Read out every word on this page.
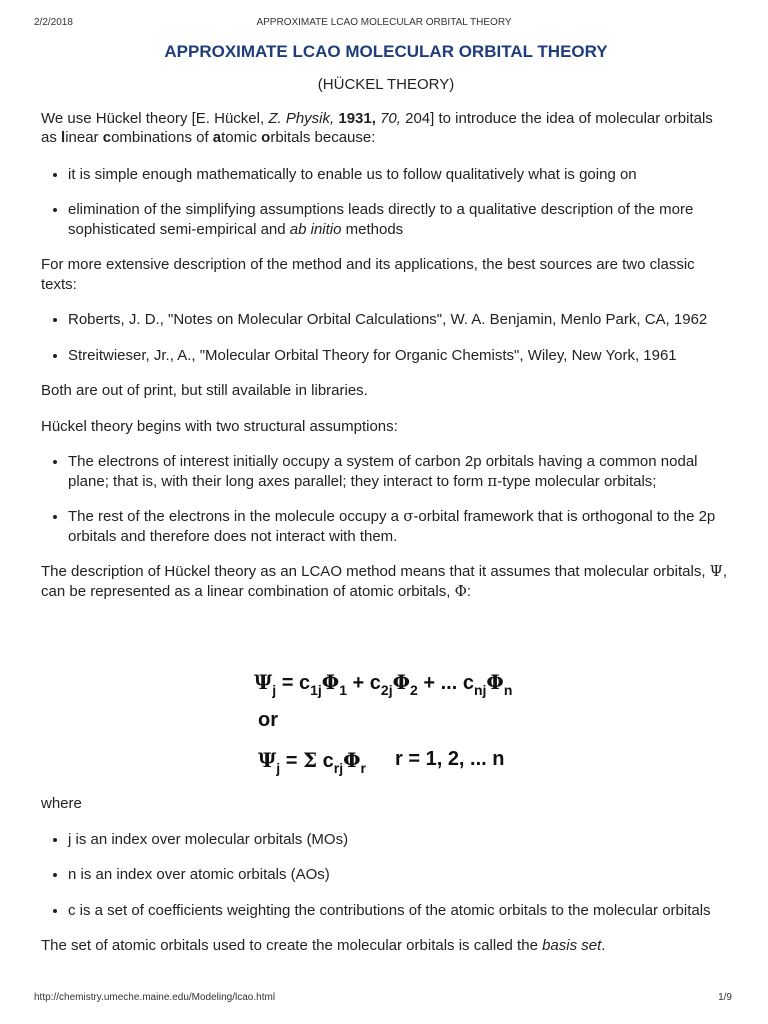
2/2/2018	APPROXIMATE LCAO MOLECULAR ORBITAL THEORY
APPROXIMATE LCAO MOLECULAR ORBITAL THEORY

(HÜCKEL THEORY)

We use Hückel theory [E. Hückel, Z. Physik, 1931, 70, 204] to introduce the idea of molecular orbitals as linear combinations of atomic orbitals because:

• it is simple enough mathematically to enable us to follow qualitatively what is going on
• elimination of the simplifying assumptions leads directly to a qualitative description of the more sophisticated semi-empirical and ab initio methods

For more extensive description of the method and its applications, the best sources are two classic texts:

• Roberts, J. D., "Notes on Molecular Orbital Calculations", W. A. Benjamin, Menlo Park, CA, 1962
• Streitwieser, Jr., A., "Molecular Orbital Theory for Organic Chemists", Wiley, New York, 1961

Both are out of print, but still available in libraries.

Hückel theory begins with two structural assumptions:

• The electrons of interest initially occupy a system of carbon 2p orbitals having a common nodal plane; that is, with their long axes parallel; they interact to form π-type molecular orbitals;
• The rest of the electrons in the molecule occupy a σ-orbital framework that is orthogonal to the 2p orbitals and therefore does not interact with them.

The description of Hückel theory as an LCAO method means that it assumes that molecular orbitals, Ψ, can be represented as a linear combination of atomic orbitals, Φ:

$\Psi_j = c_{1j}\Phi_1 + c_{2j}\Phi_2$ + ... $c_{nj}\Phi_n$
or
$\Psi_j = \Sigma$ $c_{rj}\Phi_r$ r = 1, 2, ... n

where

• j is an index over molecular orbitals (MOs)
• n is an index over atomic orbitals (AOs)
• c is a set of coefficients weighting the contributions of the atomic orbitals to the molecular orbitals

The set of atomic orbitals used to create the molecular orbitals is called the basis set.

http://chemistry.umeche.maine.edu/Modeling/lcao.html	1/9
